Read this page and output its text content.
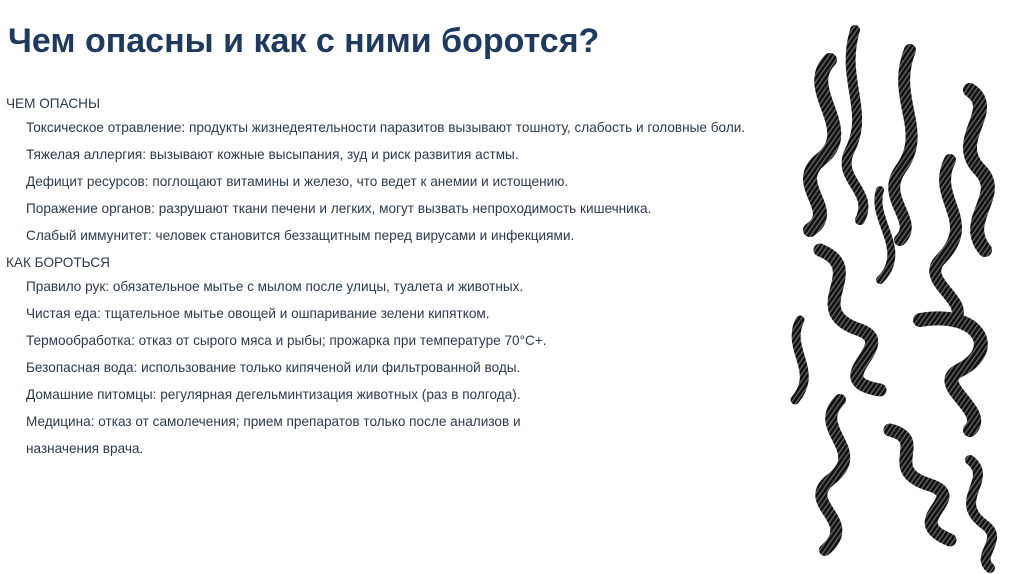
Чем опасны и как с ними боротся?
ЧЕМ ОПАСНЫ
Токсическое отравление: продукты жизнедеятельности паразитов вызывают тошноту, слабость и головные боли.
Тяжелая аллергия: вызывают кожные высыпания, зуд и риск развития астмы.
Дефицит ресурсов: поглощают витамины и железо, что ведет к анемии и истощению.
Поражение органов: разрушают ткани печени и легких, могут вызвать непроходимость кишечника.
Слабый иммунитет: человек становится беззащитным перед вирусами и инфекциями.
КАК БОРОТЬСЯ
Правило рук: обязательное мытье с мылом после улицы, туалета и животных.
Чистая еда: тщательное мытье овощей и ошпаривание зелени кипятком.
Термообработка: отказ от сырого мяса и рыбы; прожарка при температуре 70°C+.
Безопасная вода: использование только кипяченой или фильтрованной воды.
Домашние питомцы: регулярная дегельминтизация животных (раз в полгода).
Медицина: отказ от самолечения; прием препаратов только после анализов и
назначения врача.
